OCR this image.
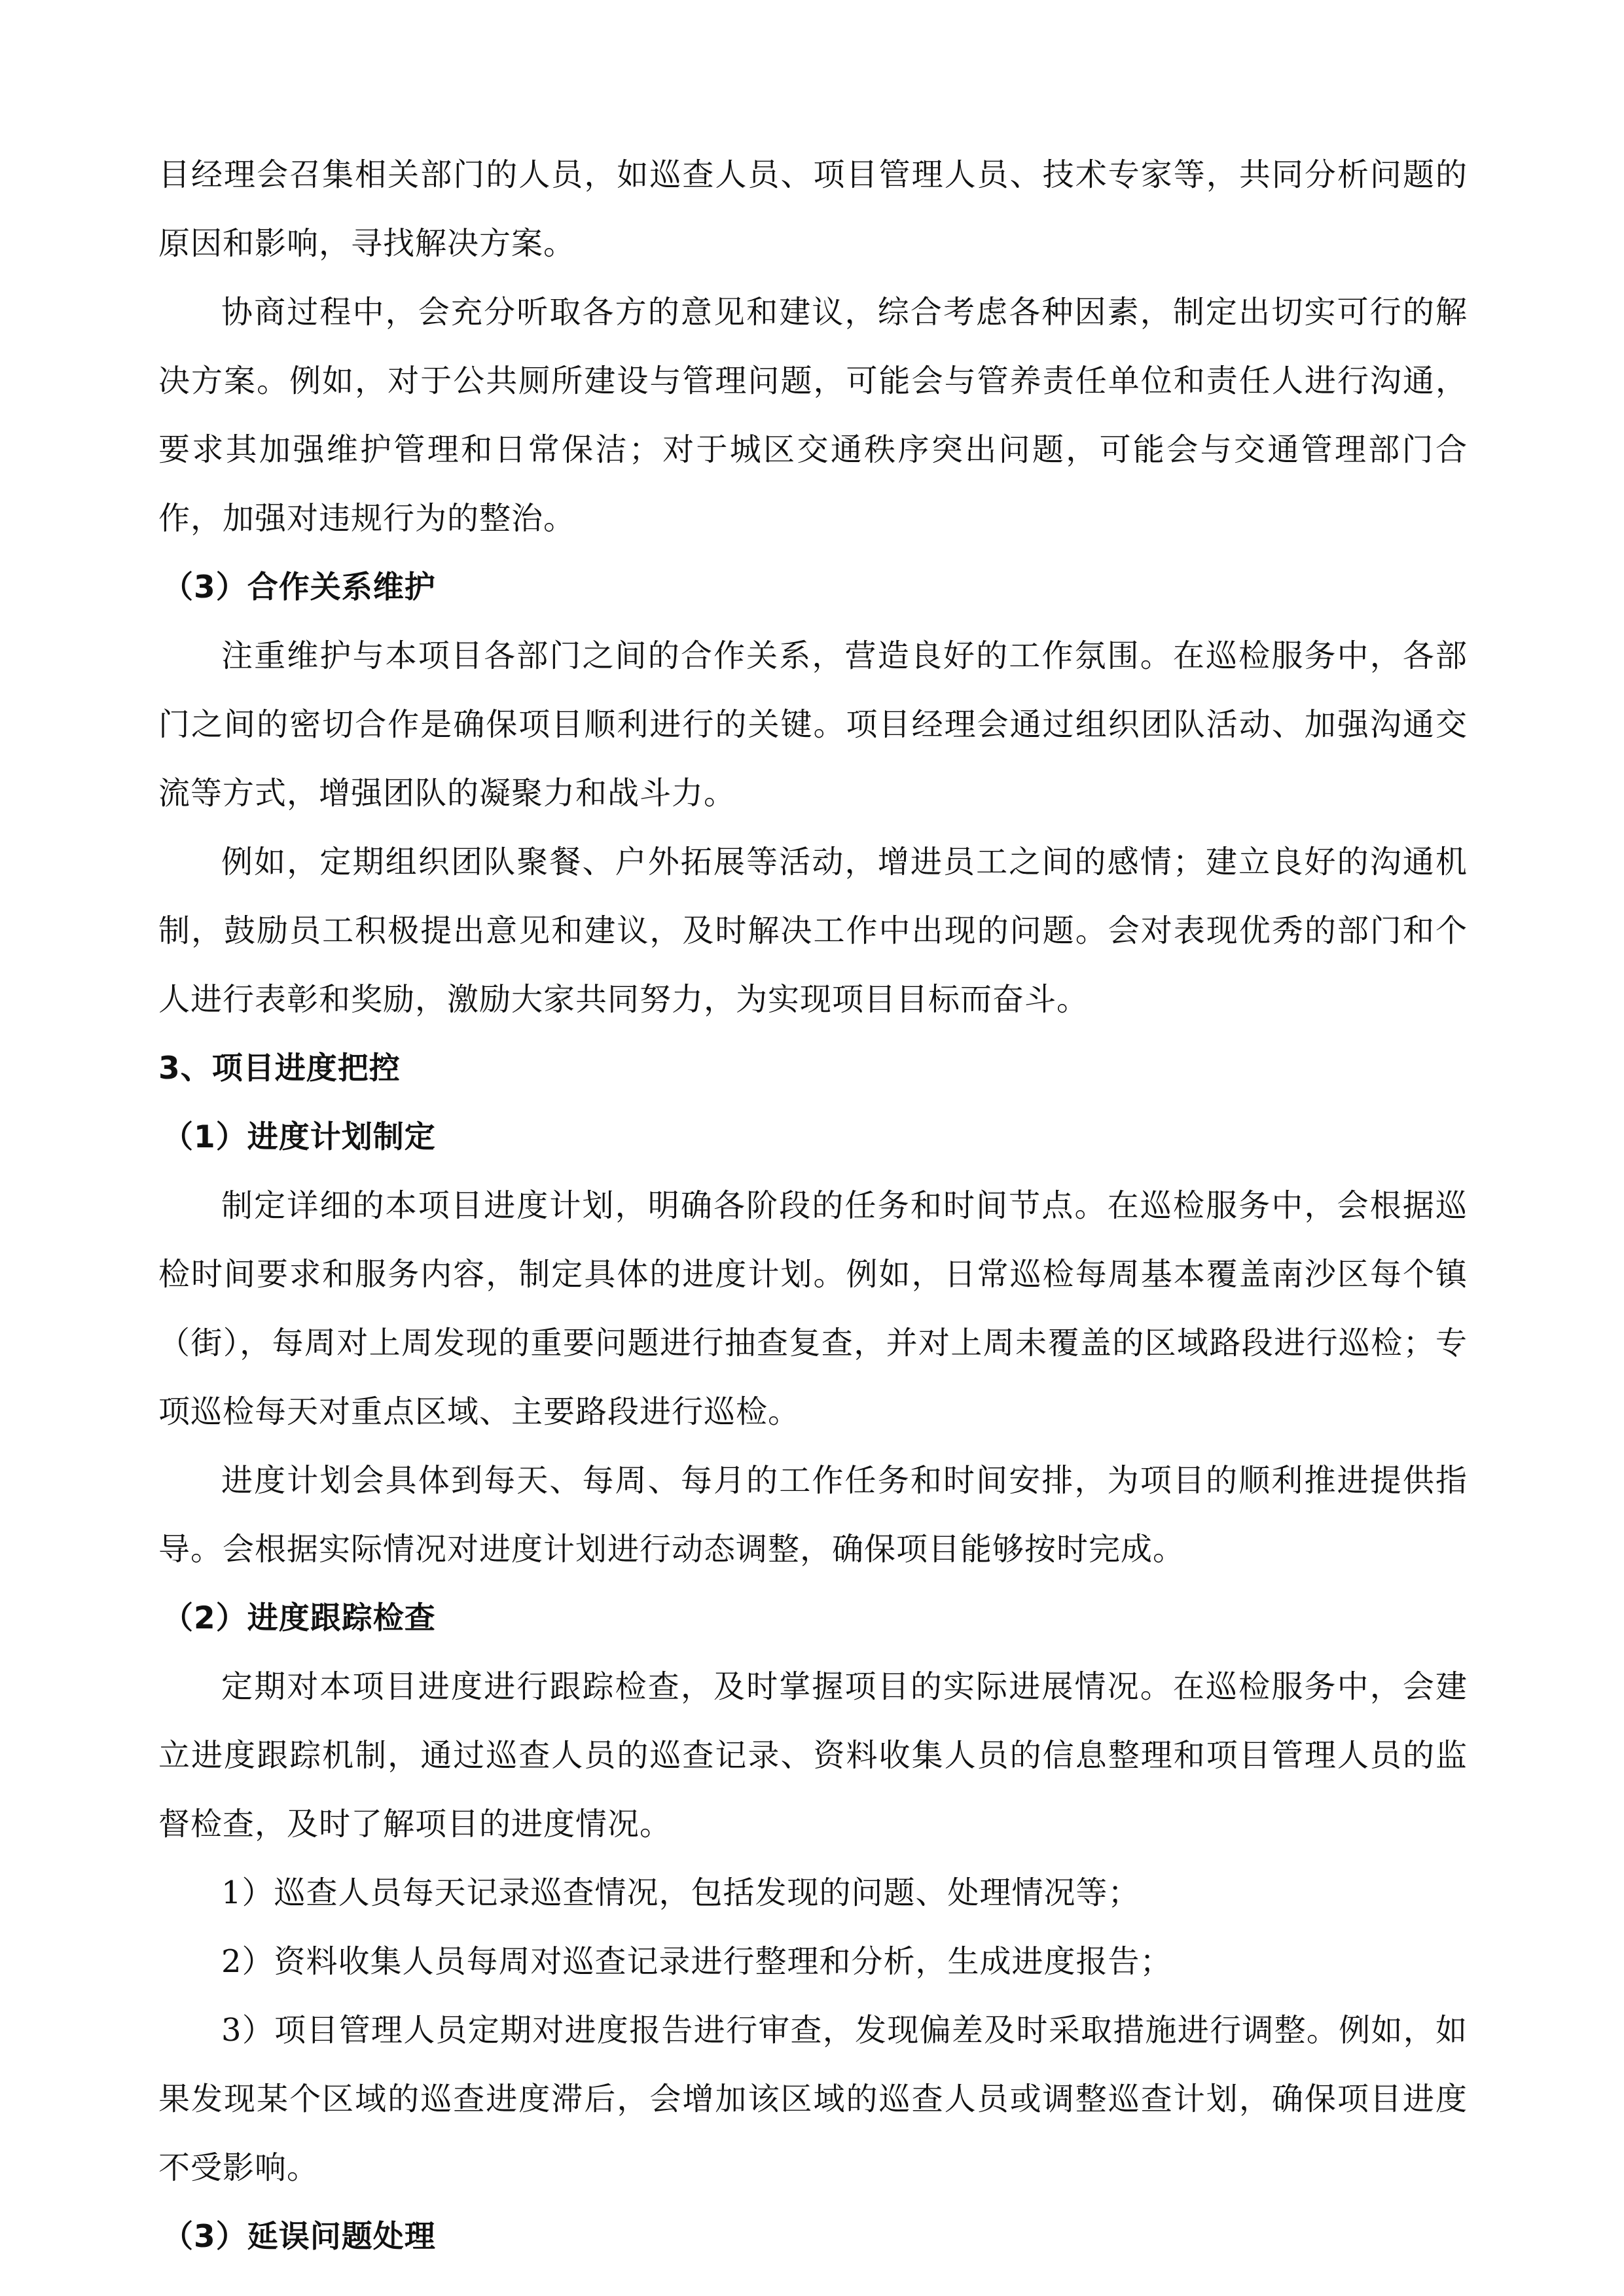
目经理会召集相关部门的人员，如巡查人员、项目管理人员、技术专家等，共同分析问题的原因和影响，寻找解决方案。

协商过程中，会充分听取各方的意见和建议，综合考虑各种因素，制定出切实可行的解决方案。例如，对于公共厕所建设与管理问题，可能会与管养责任单位和责任人进行沟通，要求其加强维护管理和日常保洁；对于城区交通秩序突出问题，可能会与交通管理部门合作，加强对违规行为的整治。

（3）合作关系维护

注重维护与本项目各部门之间的合作关系，营造良好的工作氛围。在巡检服务中，各部门之间的密切合作是确保项目顺利进行的关键。项目经理会通过组织团队活动、加强沟通交流等方式，增强团队的凝聚力和战斗力。

例如，定期组织团队聚餐、户外拓展等活动，增进员工之间的感情；建立良好的沟通机制，鼓励员工积极提出意见和建议，及时解决工作中出现的问题。会对表现优秀的部门和个人进行表彰和奖励，激励大家共同努力，为实现项目目标而奋斗。

3、项目进度把控
（1）进度计划制定

制定详细的本项目进度计划，明确各阶段的任务和时间节点。在巡检服务中，会根据巡检时间要求和服务内容，制定具体的进度计划。例如，日常巡检每周基本覆盖南沙区每个镇（街），每周对上周发现的重要问题进行抽查复查，并对上周未覆盖的区域路段进行巡检；专项巡检每天对重点区域、主要路段进行巡检。

进度计划会具体到每天、每周、每月的工作任务和时间安排，为项目的顺利推进提供指导。会根据实际情况对进度计划进行动态调整，确保项目能够按时完成。

（2）进度跟踪检查

定期对本项目进度进行跟踪检查，及时掌握项目的实际进展情况。在巡检服务中，会建立进度跟踪机制，通过巡查人员的巡查记录、资料收集人员的信息整理和项目管理人员的监督检查，及时了解项目的进度情况。

1）巡查人员每天记录巡查情况，包括发现的问题、处理情况等；

2）资料收集人员每周对巡查记录进行整理和分析，生成进度报告；

3）项目管理人员定期对进度报告进行审查，发现偏差及时采取措施进行调整。例如，如果发现某个区域的巡查进度滞后，会增加该区域的巡查人员或调整巡查计划，确保项目进度不受影响。

（3）延误问题处理
